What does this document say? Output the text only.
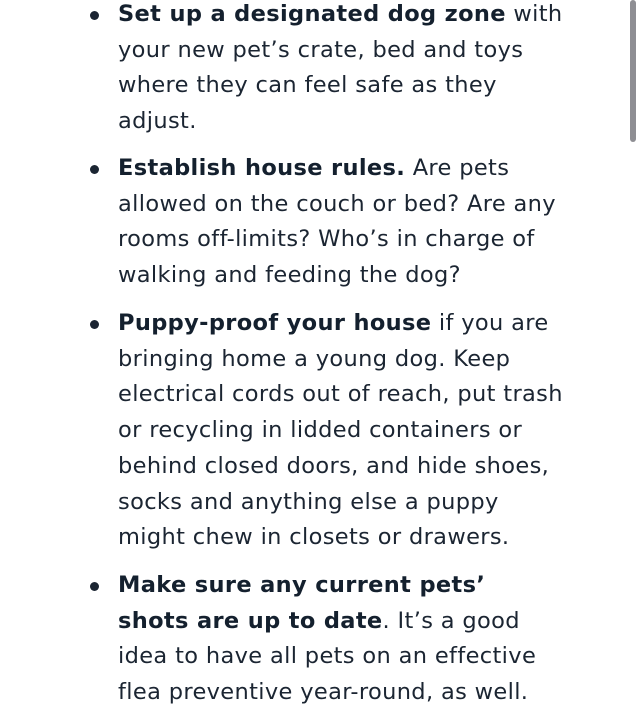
Set up a designated dog zone with your new pet’s crate, bed and toys where they can feel safe as they adjust.
Establish house rules. Are pets allowed on the couch or bed? Are any rooms off-limits? Who’s in charge of walking and feeding the dog?
Puppy-proof your house if you are bringing home a young dog. Keep electrical cords out of reach, put trash or recycling in lidded containers or behind closed doors, and hide shoes, socks and anything else a puppy might chew in closets or drawers.
Make sure any current pets’ shots are up to date. It’s a good idea to have all pets on an effective flea preventive year-round, as well.
